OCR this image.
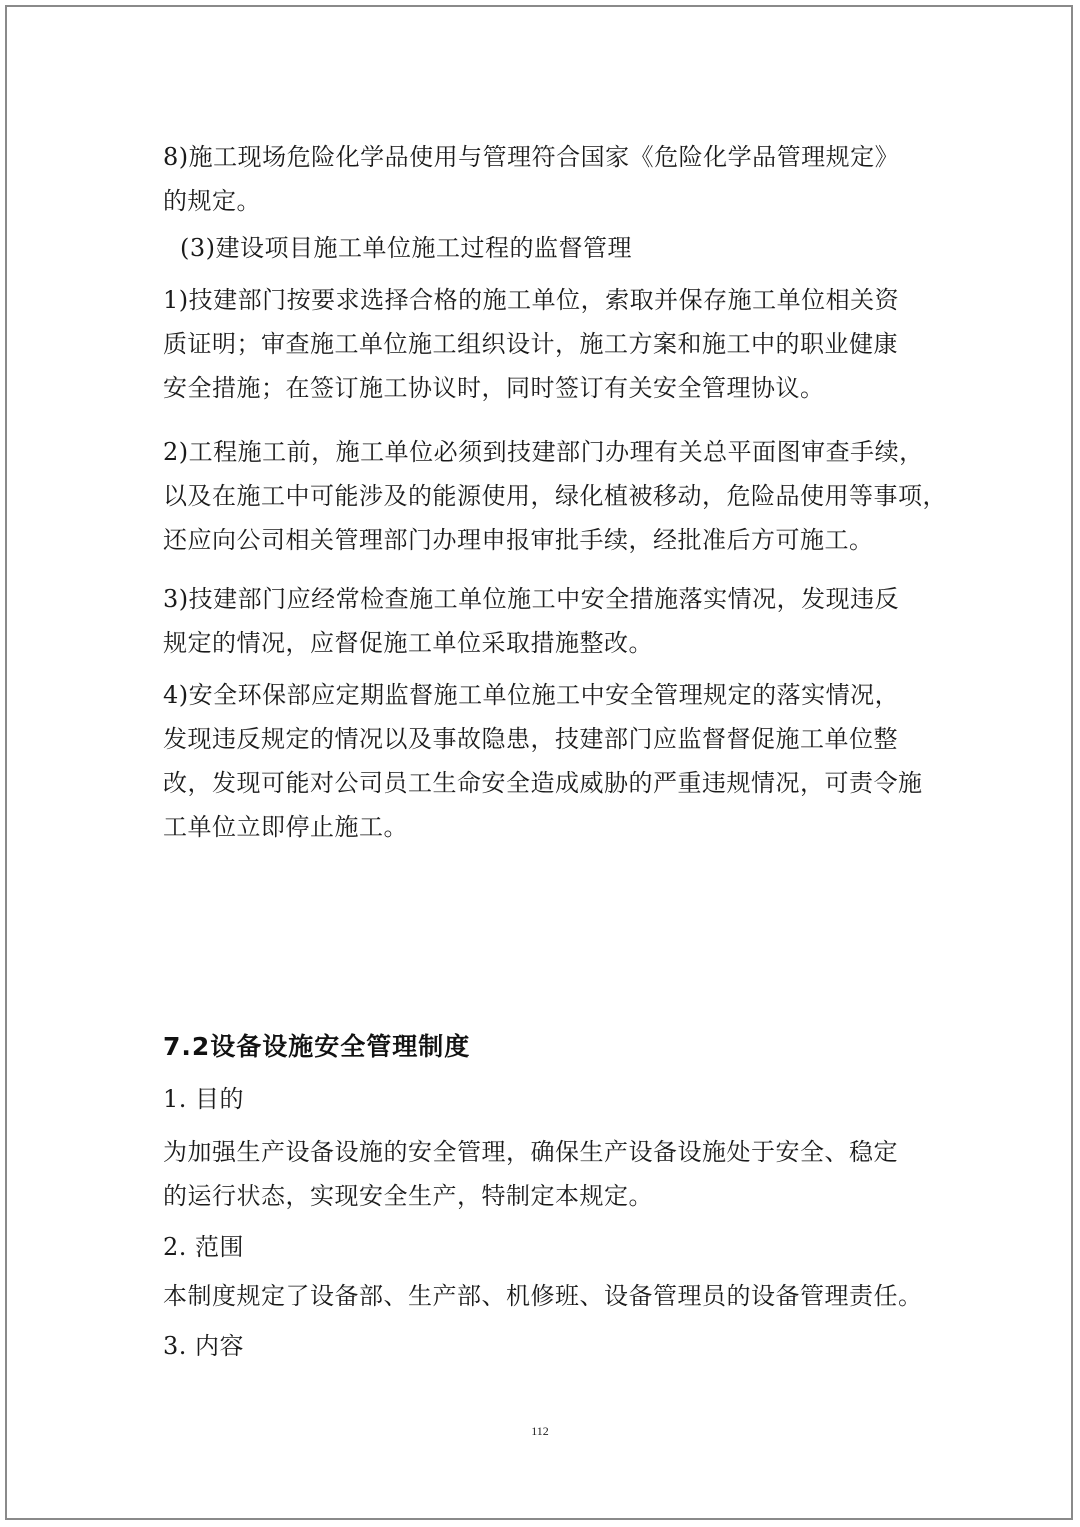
8)施工现场危险化学品使用与管理符合国家《危险化学品管理规定》
的规定。
(3)建设项目施工单位施工过程的监督管理
1)技建部门按要求选择合格的施工单位，索取并保存施工单位相关资
质证明；审查施工单位施工组织设计，施工方案和施工中的职业健康
安全措施；在签订施工协议时，同时签订有关安全管理协议。
2)工程施工前，施工单位必须到技建部门办理有关总平面图审查手续，
以及在施工中可能涉及的能源使用，绿化植被移动，危险品使用等事项，
还应向公司相关管理部门办理申报审批手续，经批准后方可施工。
3)技建部门应经常检查施工单位施工中安全措施落实情况，发现违反
规定的情况，应督促施工单位采取措施整改。
4)安全环保部应定期监督施工单位施工中安全管理规定的落实情况，
发现违反规定的情况以及事故隐患，技建部门应监督督促施工单位整
改，发现可能对公司员工生命安全造成威胁的严重违规情况，可责令施
工单位立即停止施工。
7.2设备设施安全管理制度
1. 目的
为加强生产设备设施的安全管理，确保生产设备设施处于安全、稳定
的运行状态，实现安全生产，特制定本规定。
2. 范围
本制度规定了设备部、生产部、机修班、设备管理员的设备管理责任。
3. 内容
112
